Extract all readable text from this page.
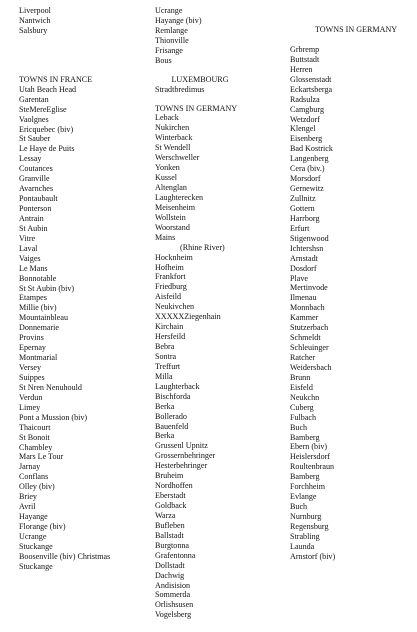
Liverpool
Nantwich
Salsbury
TOWNS IN FRANCE
Utah Beach Head
Garentan
SteMereEglise
Vaolgnes
Ericquebec (biv)
St Sauber
Le Haye de Puits
Lessay
Coutances
Granville
Avarnches
Pontaubault
Ponterson
Antrain
St Aubin
Vitre
Laval
Vaiges
Le Mans
Bonnotable
St St Aubin (biv)
Etampes
Millie (biv)
Mountainbleau
Donnemarie
Provins
Epernay
Montmarial
Versey
Suippes
St Nren Nenuhould
Verdun
Limey
Pont a Mussion (biv)
Thaicourt
St Bonoit
Chambley
Mars Le Tour
Jarnay
Conflans
Olley (biv)
Briey
Avril
Hayange
Florange (biv)
Ucrange
Stuckange
Boosenville (biv) Christmas
Stuckange
Ucrange
Hayange (biv)
Remlange
Thionville
Frisange
Bous
LUXEMBOURG
Stradtbredimus
TOWNS IN GERMANY
Leback
Nukirchen
Winterback
St Wendell
Werschweller
Yonken
Kussel
Altenglan
Laughterecken
Meisenheim
Wollstein
Woorstand
Mains
(Rhine River)
Hocknheim
Hofheim
Frankfort
Friedburg
Aisfeild
Neukivchen
XXXXXZiegenhain
Kirchain
Hersfeild
Bebra
Sontra
Treffurt
Milla
Laughterback
Bischforda
Berka
Bollerado
Bauenfeld
Berka
Grussenl Upnitz
Grossernbehringer
Hesterbehringer
Bruheim
Nordhoffen
Eberstadt
Goldback
Warza
Bufleben
Ballstadt
Burgtonna
Grafentonna
Dollstadt
Dachwig
Andisision
Sommerda
Orlishsusen
Vogelsberg
TOWNS IN GERMANY
Grbremp
Buttstadt
Herren
Glossenstadt
Eckartsberga
Radsulza
Camgburg
Wetzdorf
Klengel
Eisenberg
Bad Kostrick
Langenberg
Cera (biv.)
Morsdorf
Gernewitz
Zullnitz
Gottern
Harrborg
Erfurt
Stigenwood
Ichtershsn
Arnstadt
Dosdorf
Plave
Mertinvode
Ilmenau
Monnbach
Kammer
Stutzerbach
Schmeldt
Schleuinger
Ratcher
Weidersbach
Brunn
Eisfeld
Neukchn
Cuberg
Fulbach
Buch
Bamberg
Ebern (biv)
Heislersdorf
Roultenbraun
Bamberg
Forchheim
Evlange
Buch
Nurnburg
Regensburg
Strabling
Launda
Arnstorf (biv)
